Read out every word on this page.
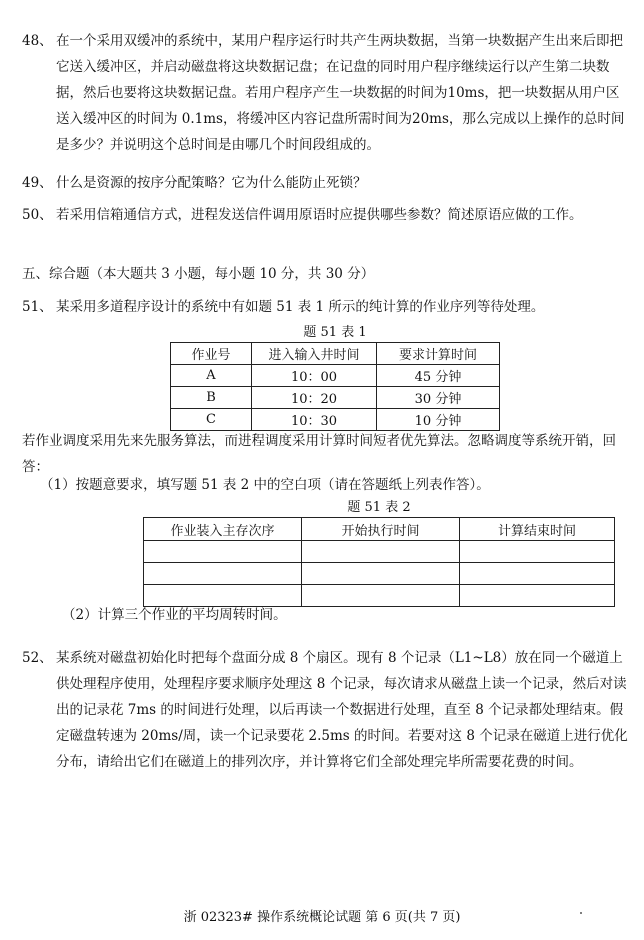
48、 在一个采用双缓冲的系统中，某用户程序运行时共产生两块数据，当第一块数据产生出来后即把它送入缓冲区，并启动磁盘将这块数据记盘；在记盘的同时用户程序继续运行以产生第二块数据，然后也要将这块数据记盘。若用户程序产生一块数据的时间为10ms，把一块数据从用户区送入缓冲区的时间为 0.1ms，将缓冲区内容记盘所需时间为20ms，那么完成以上操作的总时间是多少？并说明这个总时间是由哪几个时间段组成的。
49、 什么是资源的按序分配策略？它为什么能防止死锁？
50、 若采用信箱通信方式，进程发送信件调用原语时应提供哪些参数？简述原语应做的工作。
五、综合题（本大题共 3 小题，每小题 10 分，共 30 分）
51、 某采用多道程序设计的系统中有如题 51 表 1 所示的纯计算的作业序列等待处理。
题 51 表 1
作业号	进入输入井时间	要求计算时间
A	10：00	45 分钟
B	10：20	30 分钟
C	10：30	10 分钟
若作业调度采用先来先服务算法，而进程调度采用计算时间短者优先算法。忽略调度等系统开销，回答：
（1）按题意要求，填写题 51 表 2 中的空白项（请在答题纸上列表作答）。
题 51 表 2
作业装入主存次序	开始执行时间	计算结束时间

（2）计算三个作业的平均周转时间。
52、 某系统对磁盘初始化时把每个盘面分成 8 个扇区。现有 8 个记录（L1~L8）放在同一个磁道上供处理程序使用，处理程序要求顺序处理这 8 个记录，每次请求从磁盘上读一个记录，然后对读出的记录花 7ms 的时间进行处理，以后再读一个数据进行处理，直至 8 个记录都处理结束。假定磁盘转速为 20ms/周，读一个记录要花 2.5ms 的时间。若要对这 8 个记录在磁道上进行优化分布，请给出它们在磁道上的排列次序，并计算将它们全部处理完毕所需要花费的时间。
浙 02323# 操作系统概论试题 第 6 页(共 7 页)
